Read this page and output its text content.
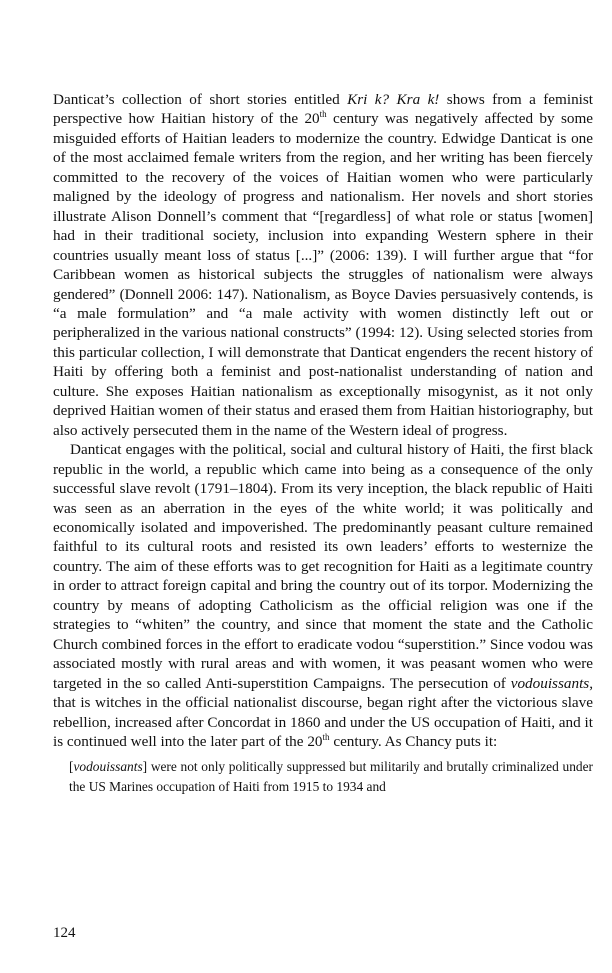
Danticat’s collection of short stories entitled Kri k? Kra k! shows from a feminist perspective how Haitian history of the 20th century was negatively affected by some misguided efforts of Haitian leaders to modernize the country. Edwidge Danticat is one of the most acclaimed female writers from the region, and her writing has been fiercely committed to the recovery of the voices of Haitian women who were particularly maligned by the ideology of progress and nationalism. Her novels and short stories illustrate Alison Donnell’s comment that “[regardless] of what role or status [women] had in their traditional society, inclusion into expanding Western sphere in their countries usually meant loss of status [...]” (2006: 139). I will further argue that “for Caribbean women as historical subjects the struggles of nationalism were always gendered” (Donnell 2006: 147). Nationalism, as Boyce Davies persuasively contends, is “a male formulation” and “a male activity with women distinctly left out or peripheralized in the various national constructs” (1994: 12). Using selected stories from this particular collection, I will demonstrate that Danticat engenders the recent history of Haiti by offering both a feminist and post-nationalist understanding of nation and culture. She exposes Haitian nationalism as exceptionally misogynist, as it not only deprived Haitian women of their status and erased them from Haitian historiography, but also actively persecuted them in the name of the Western ideal of progress.

Danticat engages with the political, social and cultural history of Haiti, the first black republic in the world, a republic which came into being as a consequence of the only successful slave revolt (1791–1804). From its very inception, the black republic of Haiti was seen as an aberration in the eyes of the white world; it was politically and economically isolated and impoverished. The predominantly peasant culture remained faithful to its cultural roots and resisted its own leaders’ efforts to westernize the country. The aim of these efforts was to get recognition for Haiti as a legitimate country in order to attract foreign capital and bring the country out of its torpor. Modernizing the country by means of adopting Catholicism as the official religion was one if the strategies to “whiten” the country, and since that moment the state and the Catholic Church combined forces in the effort to eradicate vodou “superstition.” Since vodou was associated mostly with rural areas and with women, it was peasant women who were targeted in the so called Anti-superstition Campaigns. The persecution of vodouissants, that is witches in the official nationalist discourse, began right after the victorious slave rebellion, increased after Concordat in 1860 and under the US occupation of Haiti, and it is continued well into the later part of the 20th century. As Chancy puts it:

[vodouissants] were not only politically suppressed but militarily and brutally criminalized under the US Marines occupation of Haiti from 1915 to 1934 and

124
